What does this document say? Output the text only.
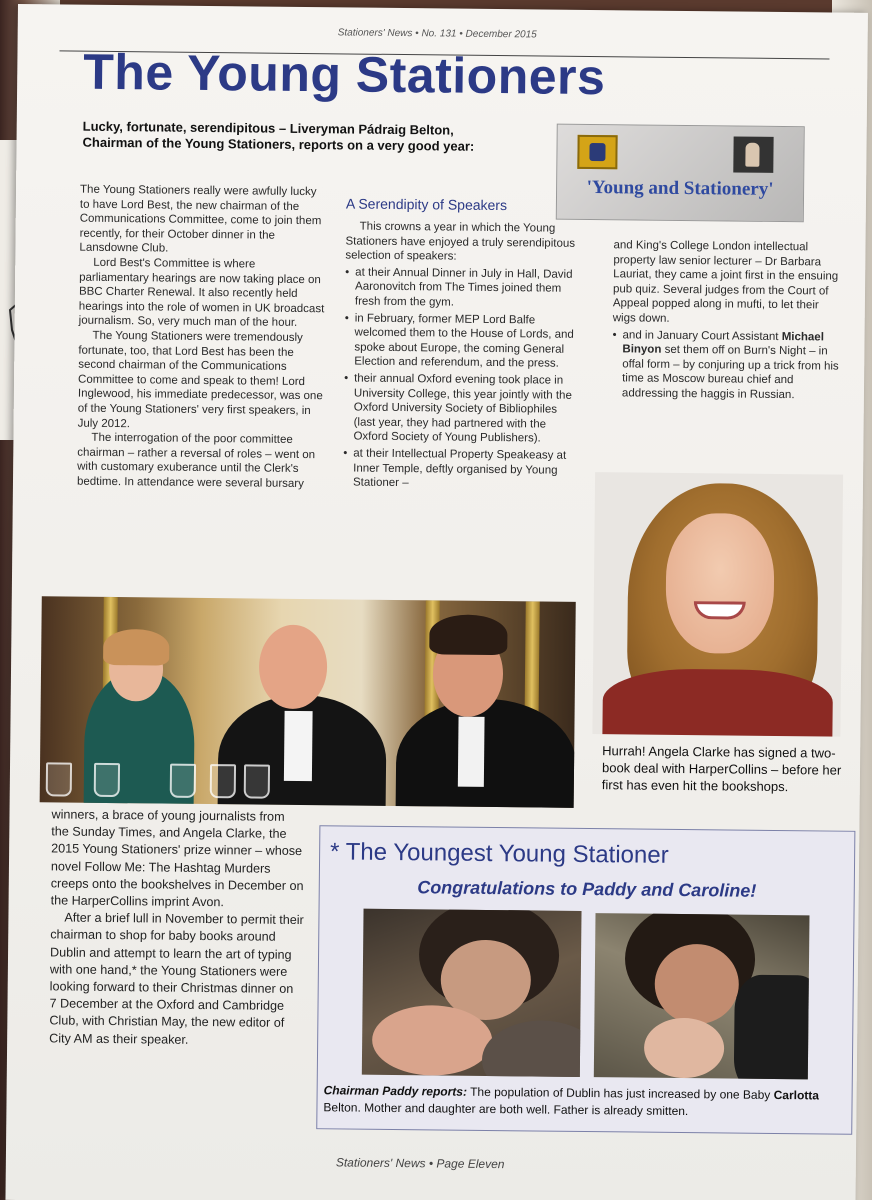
Stationers' News • No. 131 • December 2015
The Young Stationers
Lucky, fortunate, serendipitous – Liveryman Pádraig Belton, Chairman of the Young Stationers, reports on a very good year:
'Young and Stationery'

The Young Stationers really were awfully lucky to have Lord Best, the new chairman of the Communications Committee, come to join them recently, for their October dinner in the Lansdowne Club.

Lord Best's Committee is where parliamentary hearings are now taking place on BBC Charter Renewal. It also recently held hearings into the role of women in UK broadcast journalism. So, very much man of the hour.

The Young Stationers were tremendously fortunate, too, that Lord Best has been the second chairman of the Communications Committee to come and speak to them! Lord Inglewood, his immediate predecessor, was one of the Young Stationers' very first speakers, in July 2012.

The interrogation of the poor committee chairman – rather a reversal of roles – went on with customary exuberance until the Clerk's bedtime. In attendance were several bursary

A Serendipity of Speakers

This crowns a year in which the Young Stationers have enjoyed a truly serendipitous selection of speakers:

• at their Annual Dinner in July in Hall, David Aaronovitch from The Times joined them fresh from the gym.
• in February, former MEP Lord Balfe welcomed them to the House of Lords, and spoke about Europe, the coming General Election and referendum, and the press.
• their annual Oxford evening took place in University College, this year jointly with the Oxford University Society of Bibliophiles (last year, they had partnered with the Oxford Society of Young Publishers).
• at their Intellectual Property Speakeasy at Inner Temple, deftly organised by Young Stationer –
and King's College London intellectual property law senior lecturer – Dr Barbara Lauriat, they came a joint first in the ensuing pub quiz. Several judges from the Court of Appeal popped along in mufti, to let their wigs down.
• and in January Court Assistant Michael Binyon set them off on Burn's Night – in offal form – by conjuring up a trick from his time as Moscow bureau chief and addressing the haggis in Russian.
Hurrah! Angela Clarke has signed a two-book deal with HarperCollins – before her first has even hit the bookshops.

winners, a brace of young journalists from the Sunday Times, and Angela Clarke, the 2015 Young Stationers' prize winner – whose novel Follow Me: The Hashtag Murders creeps onto the bookshelves in December on the HarperCollins imprint Avon.

After a brief lull in November to permit their chairman to shop for baby books around Dublin and attempt to learn the art of typing with one hand,* the Young Stationers were looking forward to their Christmas dinner on 7 December at the Oxford and Cambridge Club, with Christian May, the new editor of City AM as their speaker.

* The Youngest Young Stationer
Congratulations to Paddy and Caroline!
Chairman Paddy reports: The population of Dublin has just increased by one Baby Carlotta Belton. Mother and daughter are both well. Father is already smitten.
Stationers' News • Page Eleven
